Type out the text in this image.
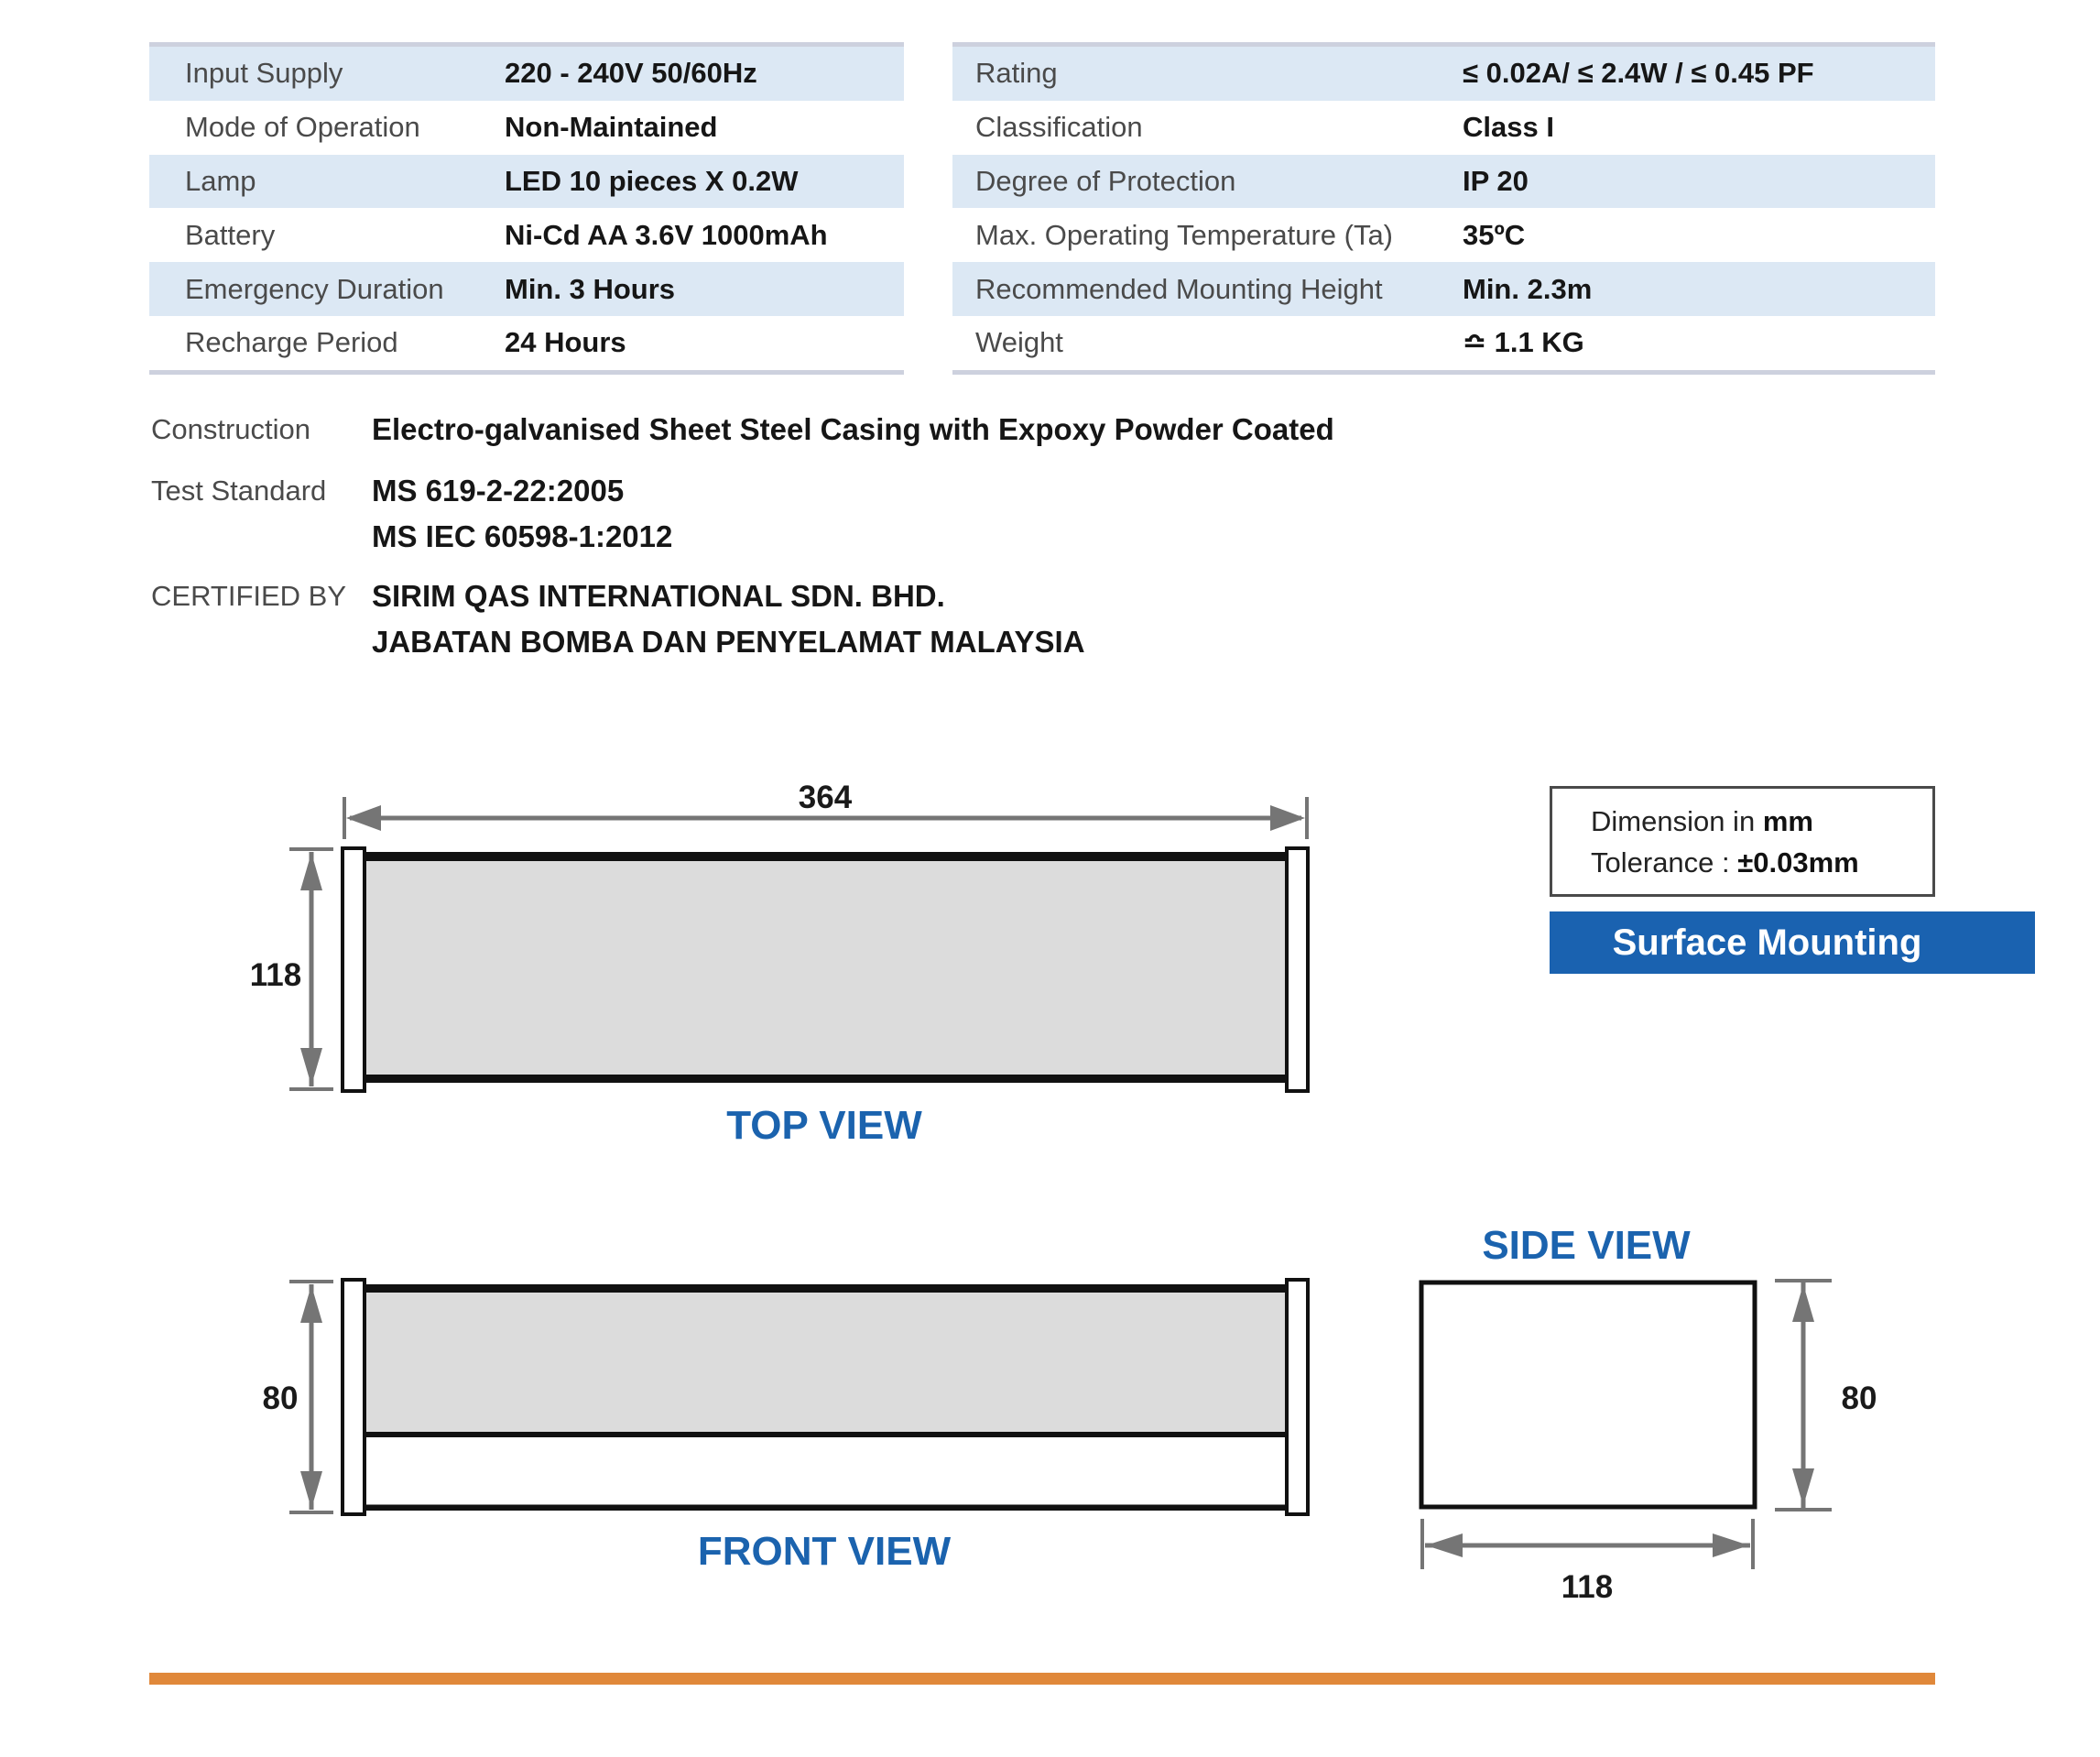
Input Supply	220 - 240V 50/60Hz
Mode of Operation	Non-Maintained
Lamp	LED 10 pieces X 0.2W
Battery	Ni-Cd AA 3.6V 1000mAh
Emergency Duration Min. 3 Hours
Recharge Period	24 Hours
Rating	≤ 0.02A/ ≤ 2.4W / ≤ 0.45 PF
Classification	Class I
Degree of Protection	IP 20
Max. Operating Temperature (Ta) 35ºC
Recommended Mounting Height	Min. 2.3m
Weight	≏ 1.1 KG
Construction	Electro-galvanised Sheet Steel Casing with Expoxy Powder Coated
Test Standard	MS 619-2-22:2005
MS IEC 60598-1:2012
CERTIFIED BY SIRIM QAS INTERNATIONAL SDN. BHD.
JABATAN BOMBA DAN PENYELAMAT MALAYSIA
Dimension in mm
Tolerance : ±0.03mm
Surface Mounting
364
118
TOP VIEW
80
FRONT VIEW
SIDE VIEW
80
118
